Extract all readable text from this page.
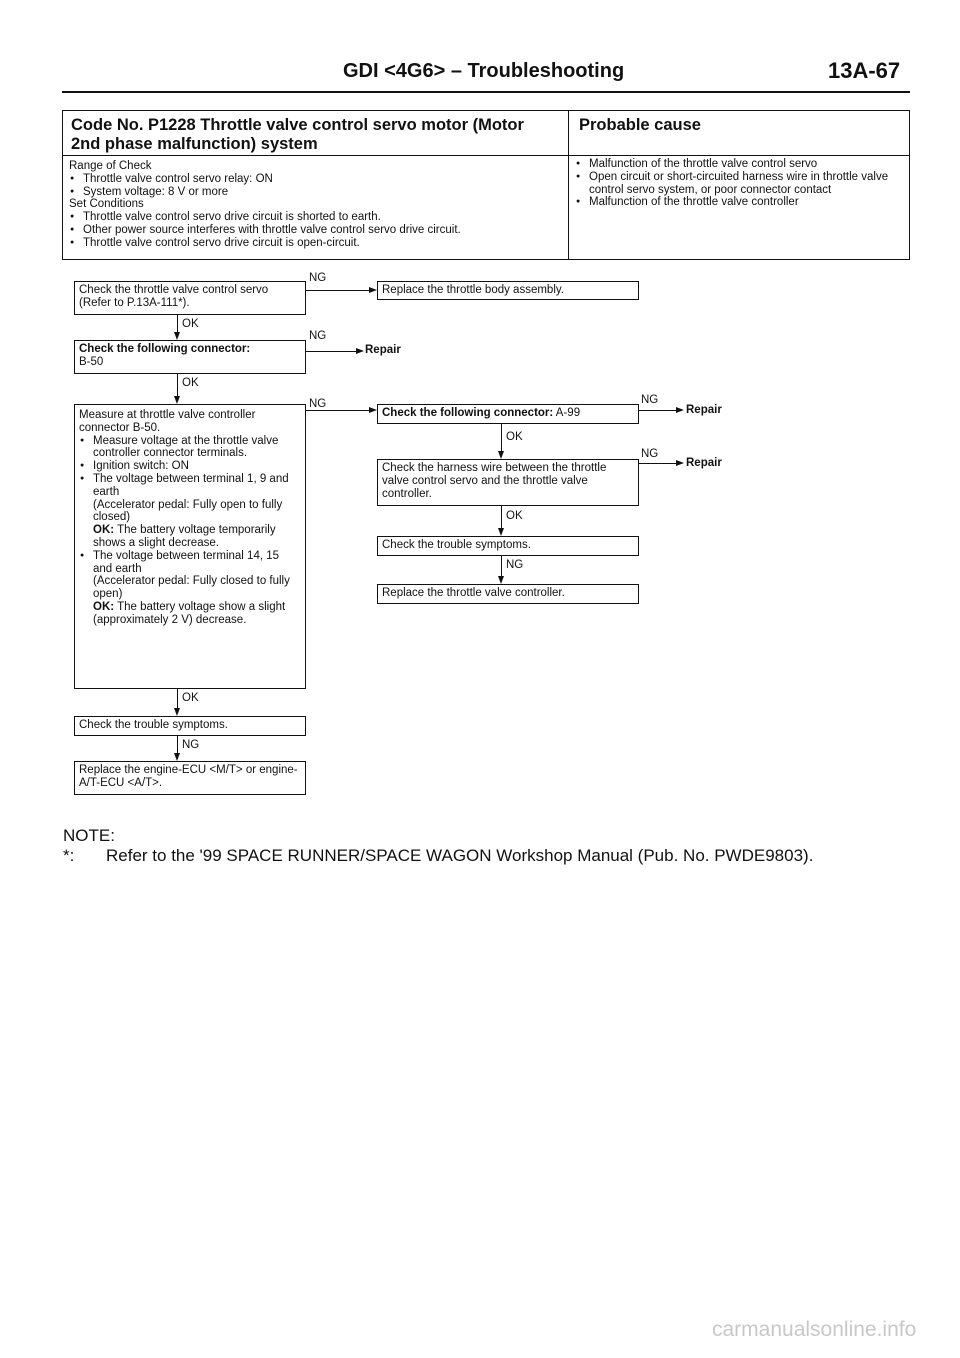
GDI <4G6> – Troubleshooting	13A-67
Code No. P1228 Throttle valve control servo motor (Motor 2nd phase malfunction) system
Probable cause
Range of Check
● Throttle valve control servo relay: ON
● System voltage: 8 V or more
Set Conditions
● Throttle valve control servo drive circuit is shorted to earth.
● Other power source interferes with throttle valve control servo drive circuit.
● Throttle valve control servo drive circuit is open-circuit.
● Malfunction of the throttle valve control servo
● Open circuit or short-circuited harness wire in throttle valve control servo system, or poor connector contact
● Malfunction of the throttle valve controller
Check the throttle valve control servo (Refer to P.13A-111*).
Check the following connector:
B-50
Measure at throttle valve controller connector B-50.
● Measure voltage at the throttle valve controller connector terminals.
● Ignition switch: ON
● The voltage between terminal 1, 9 and earth
(Accelerator pedal: Fully open to fully closed)
OK: The battery voltage temporarily shows a slight decrease.
● The voltage between terminal 14, 15 and earth
(Accelerator pedal: Fully closed to fully open)
OK: The battery voltage show a slight (approximately 2 V) decrease.
Check the trouble symptoms.
Replace the engine-ECU <M/T> or engine-A/T-ECU <A/T>.
Replace the throttle body assembly.
Check the following connector: A-99
Check the harness wire between the throttle valve control servo and the throttle valve controller.
Check the trouble symptoms.
Replace the throttle valve controller.
Repair
Repair
Repair
NG
NG
NG	NG
NG
OK
OK
OK
NG
OK
OK
NG
NOTE:
*: Refer to the '99 SPACE RUNNER/SPACE WAGON Workshop Manual (Pub. No. PWDE9803).
carmanualsonline.info
